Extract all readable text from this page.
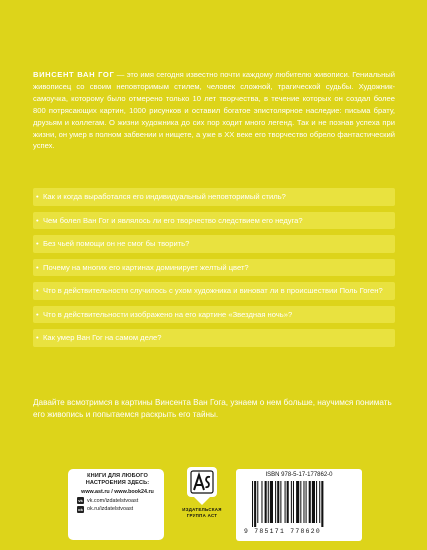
ВИНСЕНТ ВАН ГОГ — это имя сегодня известно почти каждому любителю живописи. Гениальный живописец со своим неповторимым стилем, человек сложной, трагической судьбы. Художник-самоучка, которому было отмерено только 10 лет творчества, в течение которых он создал более 800 потрясающих картин, 1000 рисунков и оставил богатое эпистолярное наследие: письма брату, друзьям и коллегам. О жизни художника до сих пор ходит много легенд. Так и не познав успеха при жизни, он умер в полном забвении и нищете, а уже в XX веке его творчество обрело фантастический успех.

• Как и когда выработался его индивидуальный неповторимый стиль?
• Чем болел Ван Гог и являлось ли его творчество следствием его недуга?
• Без чьей помощи он не смог бы творить?
• Почему на многих его картинах доминирует желтый цвет?
• Что в действительности случилось с ухом художника и виноват ли в происшествии Поль Гоген?
• Что в действительности изображено на его картине «Звездная ночь»?
• Как умер Ван Гог на самом деле?

Давайте всмотримся в картины Винсента Ван Гога, узнаем о нем больше, научимся понимать его живопись и попытаемся раскрыть его тайны.

КНИГИ ДЛЯ ЛЮБОГО НАСТРОЕНИЯ ЗДЕСЬ:
www.ast.ru / www.book24.ru
vk vk.com/izdatelstvoast
ok ok.ru/izdatelstvoast	ИЗДАТЕЛЬСКАЯ
ГРУППА АСТ
ISBN 978-5-17-177862-0
9 785171 778620
